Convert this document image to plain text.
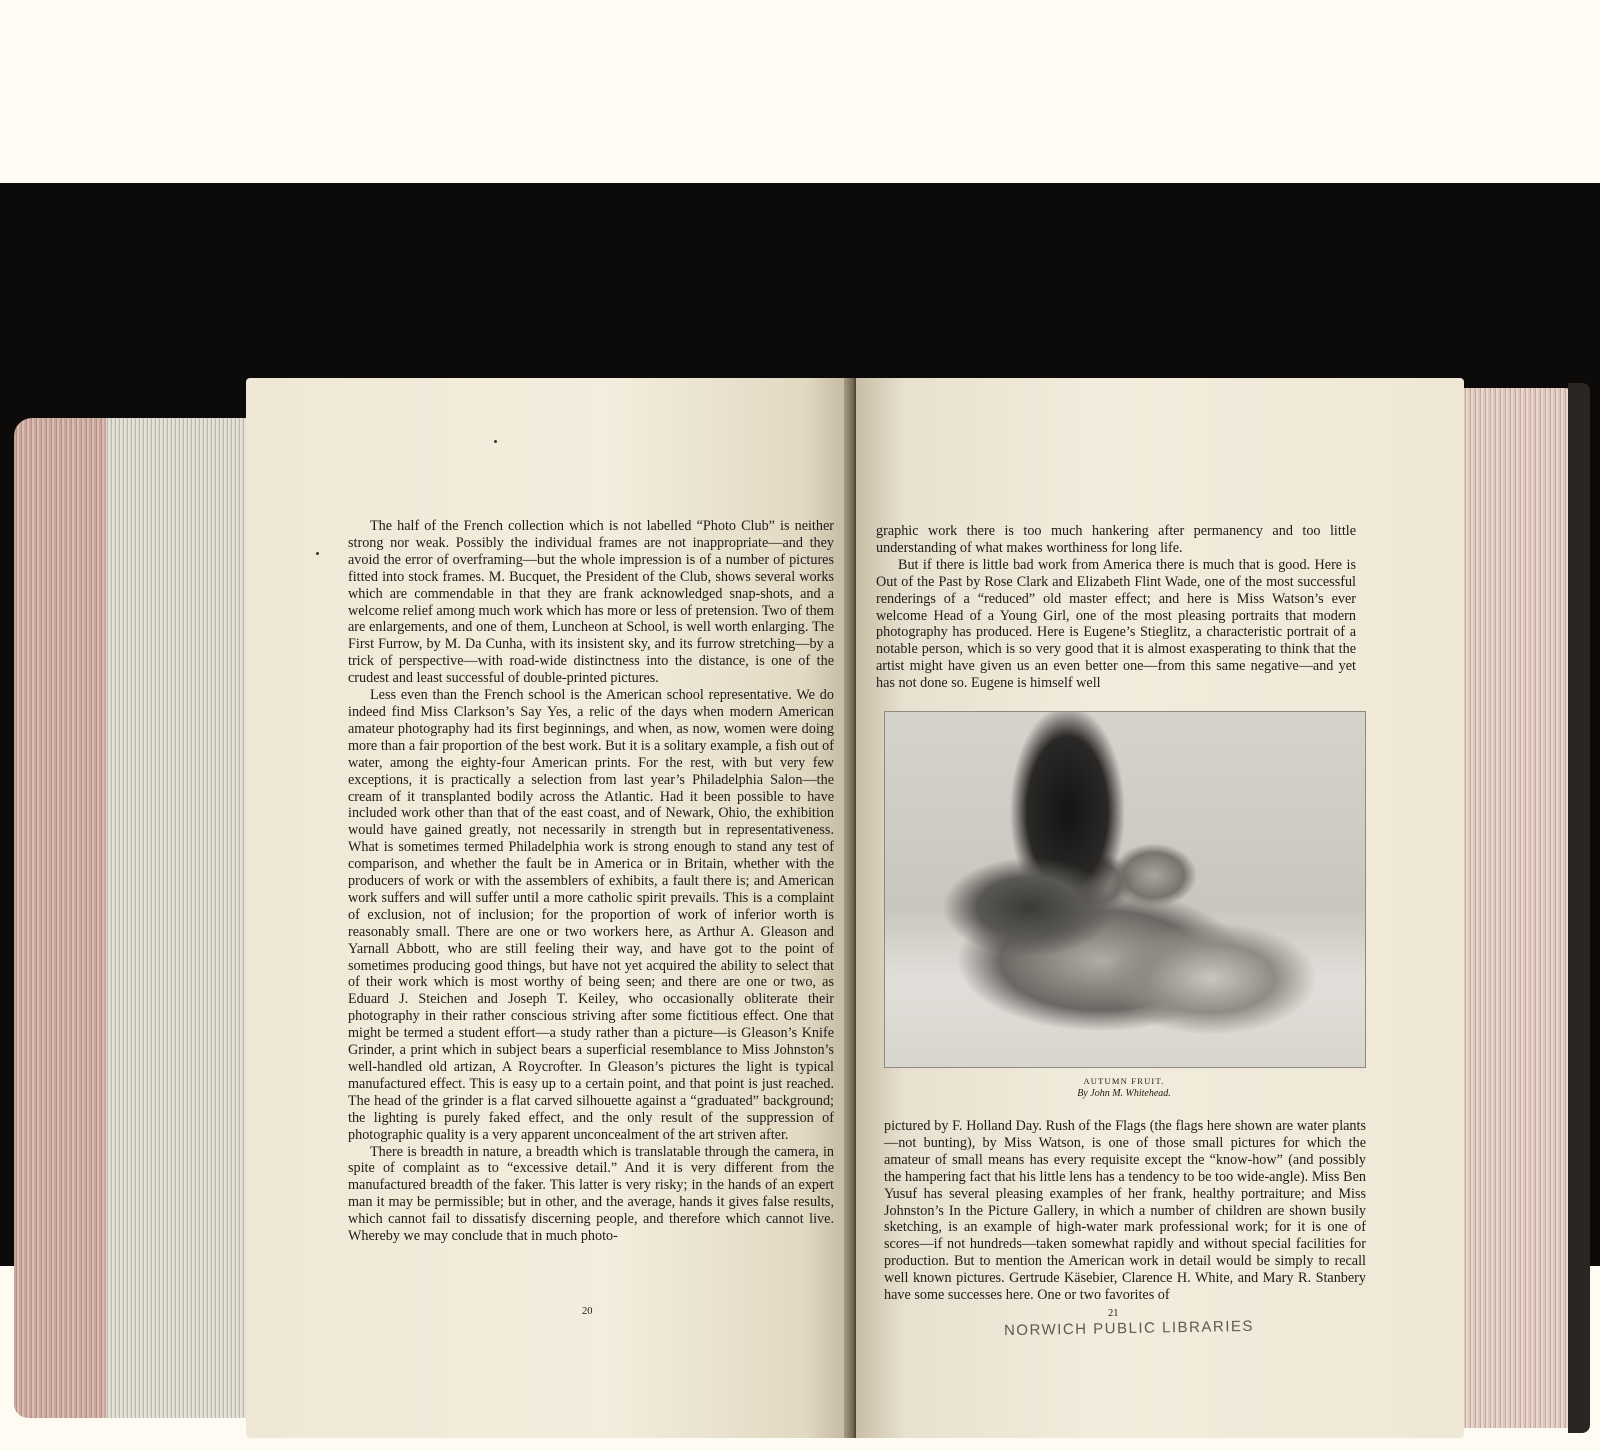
The half of the French collection which is not labelled “Photo Club” is neither strong nor weak. Possibly the individual frames are not inappropriate—and they avoid the error of overframing—but the whole impression is of a number of pictures fitted into stock frames. M. Bucquet, the President of the Club, shows several works which are commendable in that they are frank acknowledged snap-shots, and a welcome relief among much work which has more or less of pretension. Two of them are enlargements, and one of them, Luncheon at School, is well worth enlarging. The First Furrow, by M. Da Cunha, with its insistent sky, and its furrow stretching—by a trick of perspective—with road-wide distinctness into the distance, is one of the crudest and least successful of double-printed pictures.

Less even than the French school is the American school representative. We do indeed find Miss Clarkson’s Say Yes, a relic of the days when modern American amateur photography had its first beginnings, and when, as now, women were doing more than a fair proportion of the best work. But it is a solitary example, a fish out of water, among the eighty-four American prints. For the rest, with but very few exceptions, it is practically a selection from last year’s Philadelphia Salon—the cream of it transplanted bodily across the Atlantic. Had it been possible to have included work other than that of the east coast, and of Newark, Ohio, the exhibition would have gained greatly, not necessarily in strength but in representativeness. What is sometimes termed Philadelphia work is strong enough to stand any test of comparison, and whether the fault be in America or in Britain, whether with the producers of work or with the assemblers of exhibits, a fault there is; and American work suffers and will suffer until a more catholic spirit prevails. This is a complaint of exclusion, not of inclusion; for the proportion of work of inferior worth is reasonably small. There are one or two workers here, as Arthur A. Gleason and Yarnall Abbott, who are still feeling their way, and have got to the point of sometimes producing good things, but have not yet acquired the ability to select that of their work which is most worthy of being seen; and there are one or two, as Eduard J. Steichen and Joseph T. Keiley, who occasionally obliterate their photography in their rather conscious striving after some fictitious effect. One that might be termed a student effort—a study rather than a picture—is Gleason’s Knife Grinder, a print which in subject bears a superficial resemblance to Miss Johnston’s well-handled old artizan, A Roycrofter. In Gleason’s pictures the light is typical manufactured effect. This is easy up to a certain point, and that point is just reached. The head of the grinder is a flat carved silhouette against a “graduated” background; the lighting is purely faked effect, and the only result of the suppression of photographic quality is a very apparent unconcealment of the art striven after.

There is breadth in nature, a breadth which is translatable through the camera, in spite of complaint as to “excessive detail.” And it is very different from the manufactured breadth of the faker. This latter is very risky; in the hands of an expert man it may be permissible; but in other, and the average, hands it gives false results, which cannot fail to dissatisfy discerning people, and therefore which cannot live. Whereby we may conclude that in much photo-

20

graphic work there is too much hankering after permanency and too little understanding of what makes worthiness for long life.

But if there is little bad work from America there is much that is good. Here is Out of the Past by Rose Clark and Elizabeth Flint Wade, one of the most successful renderings of a “reduced” old master effect; and here is Miss Watson’s ever welcome Head of a Young Girl, one of the most pleasing portraits that modern photography has produced. Here is Eugene’s Stieglitz, a characteristic portrait of a notable person, which is so very good that it is almost exasperating to think that the artist might have given us an even better one—from this same negative—and yet has not done so. Eugene is himself well

AUTUMN FRUIT.
By John M. Whitehead.

pictured by F. Holland Day. Rush of the Flags (the flags here shown are water plants—not bunting), by Miss Watson, is one of those small pictures for which the amateur of small means has every requisite except the “know-how” (and possibly the hampering fact that his little lens has a tendency to be too wide-angle). Miss Ben Yusuf has several pleasing examples of her frank, healthy portraiture; and Miss Johnston’s In the Picture Gallery, in which a number of children are shown busily sketching, is an example of high-water mark professional work; for it is one of scores—if not hundreds—taken somewhat rapidly and without special facilities for production. But to mention the American work in detail would be simply to recall well known pictures. Gertrude Käsebier, Clarence H. White, and Mary R. Stanbery have some successes here. One or two favorites of

21
NORWICH PUBLIC LIBRARIES
